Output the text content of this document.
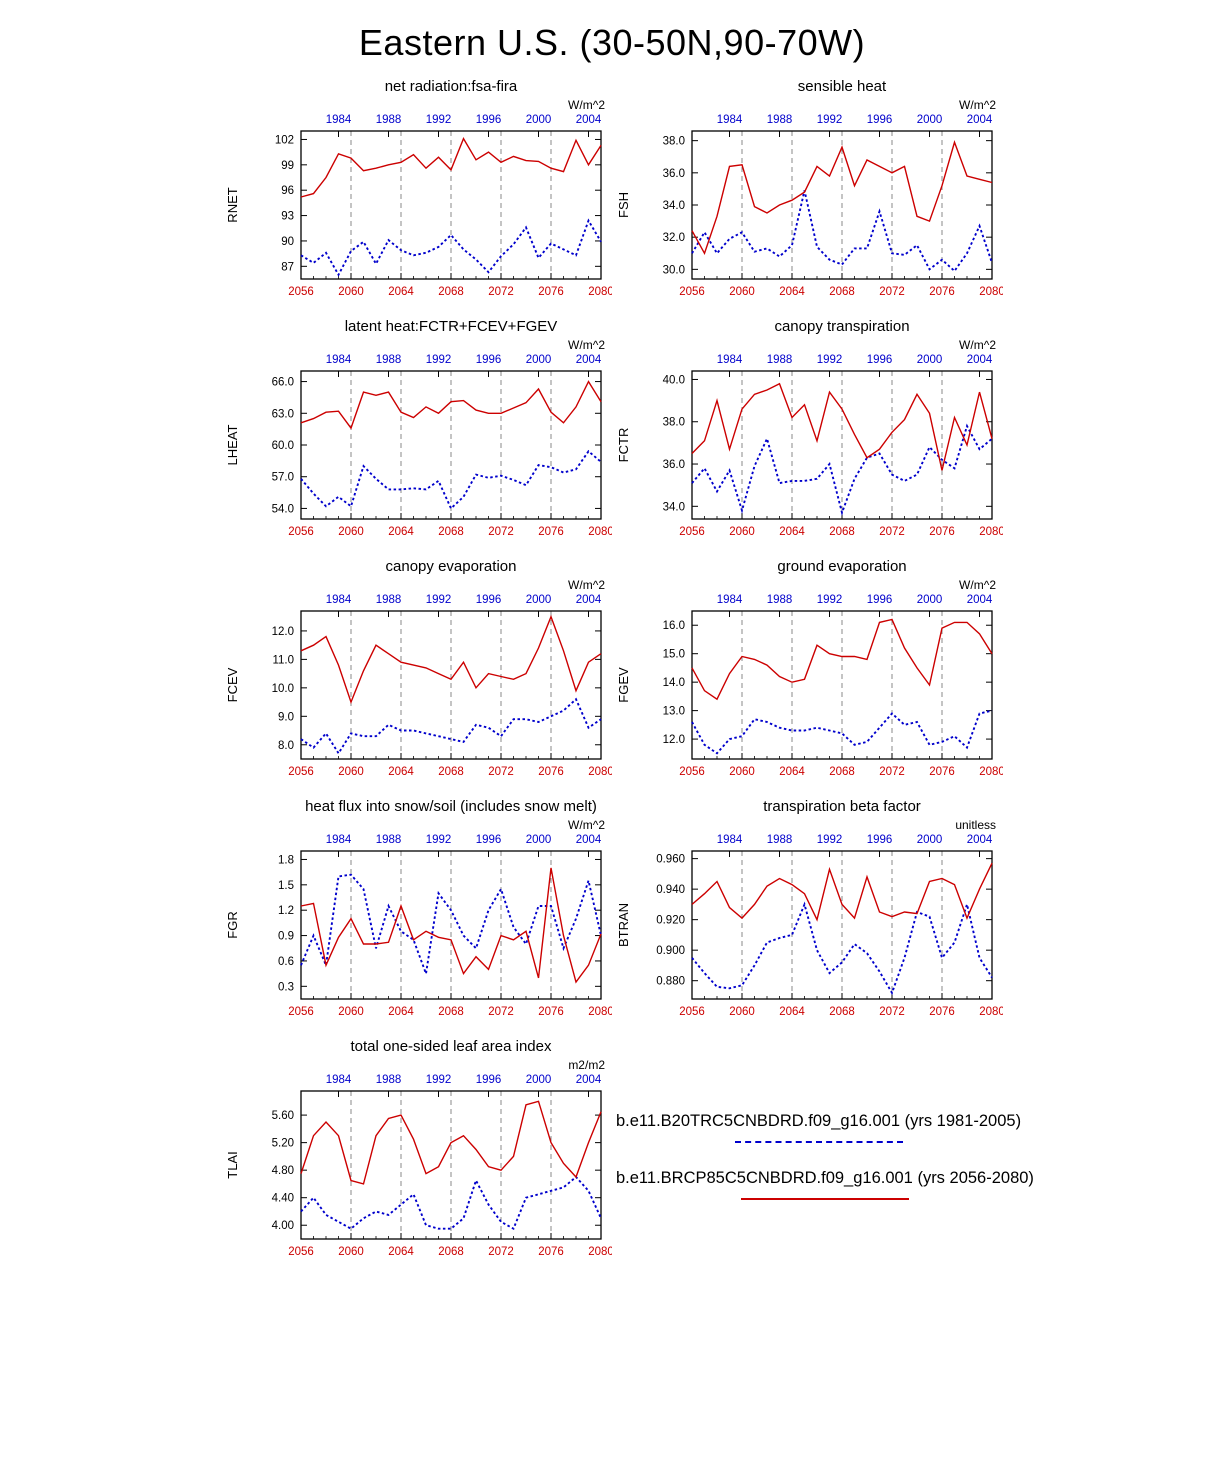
Eastern U.S. (30-50N,90-70W)
net radiation:fsa-fira
W/m^2
1984 1988 1992 1996 2000 2004
2056 2060 2064 2068 2072 2076 2080
87
90
93
96
99
102
RNET
sensible heat
W/m^2
1984 1988 1992 1996 2000 2004
2056 2060 2064 2068 2072 2076 2080
30.0
32.0
34.0
36.0
38.0
FSH
latent heat:FCTR+FCEV+FGEV
W/m^2
1984 1988 1992 1996 2000 2004
2056 2060 2064 2068 2072 2076 2080
54.0
57.0
60.0
63.0
66.0
LHEAT
canopy transpiration
W/m^2
1984 1988 1992 1996 2000 2004
2056 2060 2064 2068 2072 2076 2080
34.0
36.0
38.0
40.0
FCTR
canopy evaporation
W/m^2
1984 1988 1992 1996 2000 2004
2056 2060 2064 2068 2072 2076 2080
8.0
9.0
10.0
11.0
12.0
FCEV
ground evaporation
W/m^2
1984 1988 1992 1996 2000 2004
2056 2060 2064 2068 2072 2076 2080
12.0
13.0
14.0
15.0
16.0
FGEV
heat flux into snow/soil (includes snow melt)
W/m^2
1984 1988 1992 1996 2000 2004
2056 2060 2064 2068 2072 2076 2080
0.3
0.6
0.9
1.2
1.5
1.8
FGR
transpiration beta factor
unitless
1984 1988 1992 1996 2000 2004
2056 2060 2064 2068 2072 2076 2080
0.880
0.900
0.920
0.940
0.960
BTRAN
total one-sided leaf area index
m2/m2
1984 1988 1992 1996 2000 2004
2056 2060 2064 2068 2072 2076 2080
4.00
4.40
4.80
5.20
5.60
TLAI
b.e11.B20TRC5CNBDRD.f09_g16.001 (yrs 1981-2005)
b.e11.BRCP85C5CNBDRD.f09_g16.001 (yrs 2056-2080)
